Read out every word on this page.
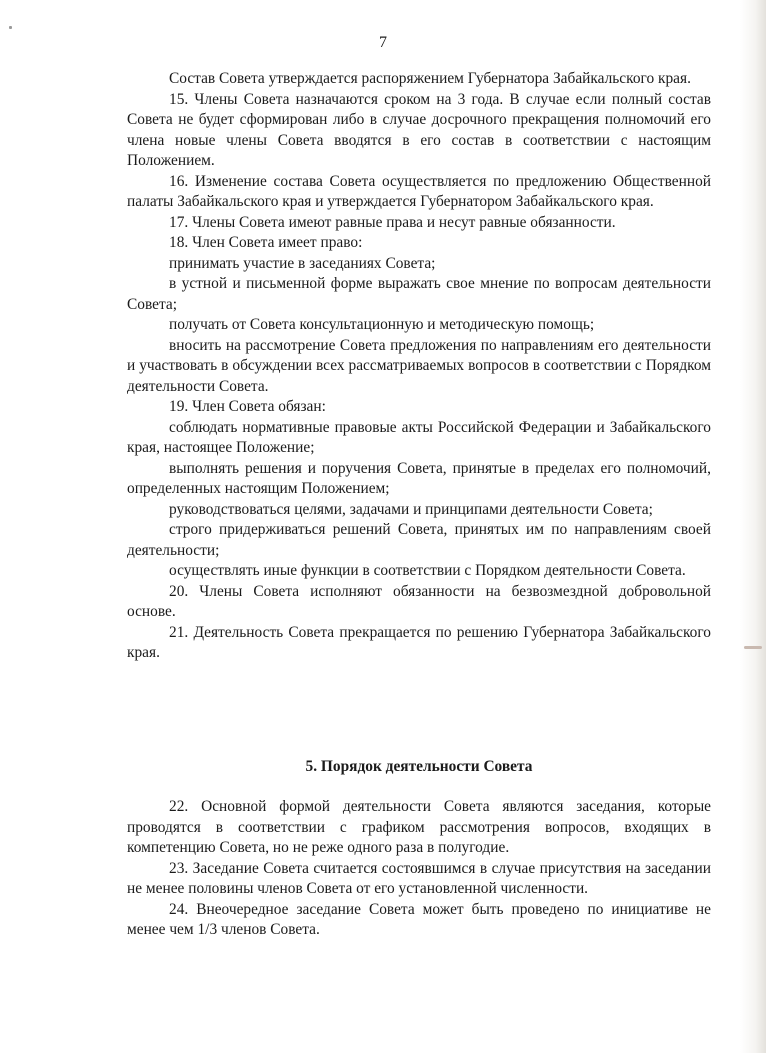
7

Состав Совета утверждается распоряжением Губернатора Забайкальского края.

15. Члены Совета назначаются сроком на 3 года. В случае если полный состав Совета не будет сформирован либо в случае досрочного прекращения полномочий его члена новые члены Совета вводятся в его состав в соответствии с настоящим Положением.

16. Изменение состава Совета осуществляется по предложению Общественной палаты Забайкальского края и утверждается Губернатором Забайкальского края.

17. Члены Совета имеют равные права и несут равные обязанности.

18. Член Совета имеет право:

принимать участие в заседаниях Совета;

в устной и письменной форме выражать свое мнение по вопросам деятельности Совета;

получать от Совета консультационную и методическую помощь;

вносить на рассмотрение Совета предложения по направлениям его деятельности и участвовать в обсуждении всех рассматриваемых вопросов в соответствии с Порядком деятельности Совета.

19. Член Совета обязан:

соблюдать нормативные правовые акты Российской Федерации и Забайкальского края, настоящее Положение;

выполнять решения и поручения Совета, принятые в пределах его полномочий, определенных настоящим Положением;

руководствоваться целями, задачами и принципами деятельности Совета;

строго придерживаться решений Совета, принятых им по направлениям своей деятельности;

осуществлять иные функции в соответствии с Порядком деятельности Совета.

20. Члены Совета исполняют обязанности на безвозмездной добровольной основе.

21. Деятельность Совета прекращается по решению Губернатора Забайкальского края.

5. Порядок деятельности Совета

22. Основной формой деятельности Совета являются заседания, которые проводятся в соответствии с графиком рассмотрения вопросов, входящих в компетенцию Совета, но не реже одного раза в полугодие.

23. Заседание Совета считается состоявшимся в случае присутствия на заседании не менее половины членов Совета от его установленной численности.

24. Внеочередное заседание Совета может быть проведено по инициативе не менее чем 1/3 членов Совета.
